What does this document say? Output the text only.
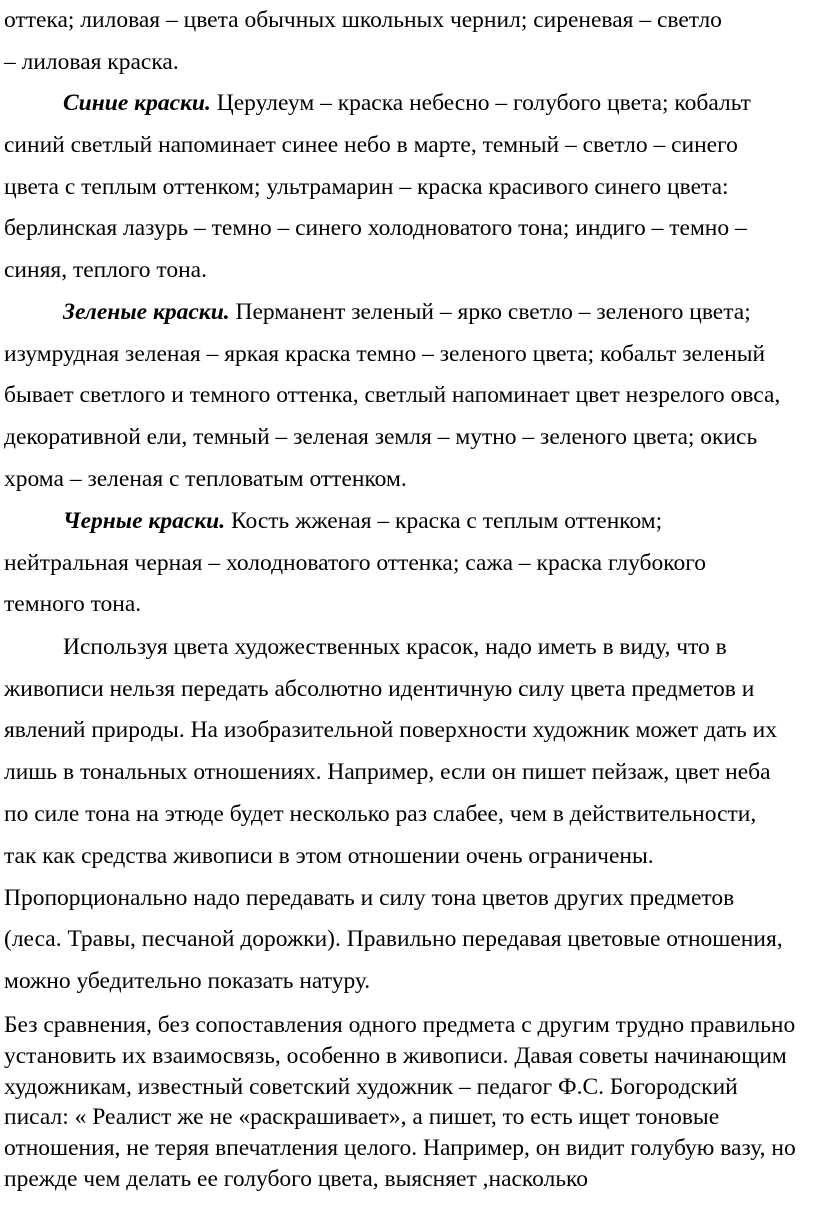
оттека; лиловая – цвета обычных школьных чернил; сиреневая – светло
– лиловая краска.
Синие краски. Церулеум – краска небесно – голубого цвета; кобальт
синий светлый напоминает синее небо в марте, темный – светло – синего
цвета с теплым оттенком; ультрамарин – краска красивого синего цвета:
берлинская лазурь – темно – синего холодноватого тона; индиго – темно –
синяя, теплого тона.
Зеленые краски. Перманент зеленый – ярко светло – зеленого цвета;
изумрудная зеленая – яркая краска темно – зеленого цвета; кобальт зеленый
бывает светлого и темного оттенка, светлый напоминает цвет незрелого овса,
декоративной ели, темный – зеленая земля – мутно – зеленого цвета; окись
хрома – зеленая с тепловатым оттенком.
Черные краски. Кость жженая – краска с теплым оттенком;
нейтральная черная – холодноватого оттенка; сажа – краска глубокого
темного тона.
Используя цвета художественных красок, надо иметь в виду, что в
живописи нельзя передать абсолютно идентичную силу цвета предметов и
явлений природы. На изобразительной поверхности художник может дать их
лишь в тональных отношениях. Например, если он пишет пейзаж, цвет неба
по силе тона на этюде будет несколько раз слабее, чем в действительности,
так как средства живописи в этом отношении очень ограничены.
Пропорционально надо передавать и силу тона цветов других предметов
(леса. Травы, песчаной дорожки). Правильно передавая цветовые отношения,
можно убедительно показать натуру.

Без сравнения, без сопоставления одного предмета с другим трудно правильно установить их взаимосвязь, особенно в живописи. Давая советы начинающим художникам, известный советский художник – педагог Ф.С. Богородский писал: « Реалист же не «раскрашивает», а пишет, то есть ищет тоновые отношения, не теряя впечатления целого. Например, он видит голубую вазу, но прежде чем делать ее голубого цвета, выясняет ,насколько
